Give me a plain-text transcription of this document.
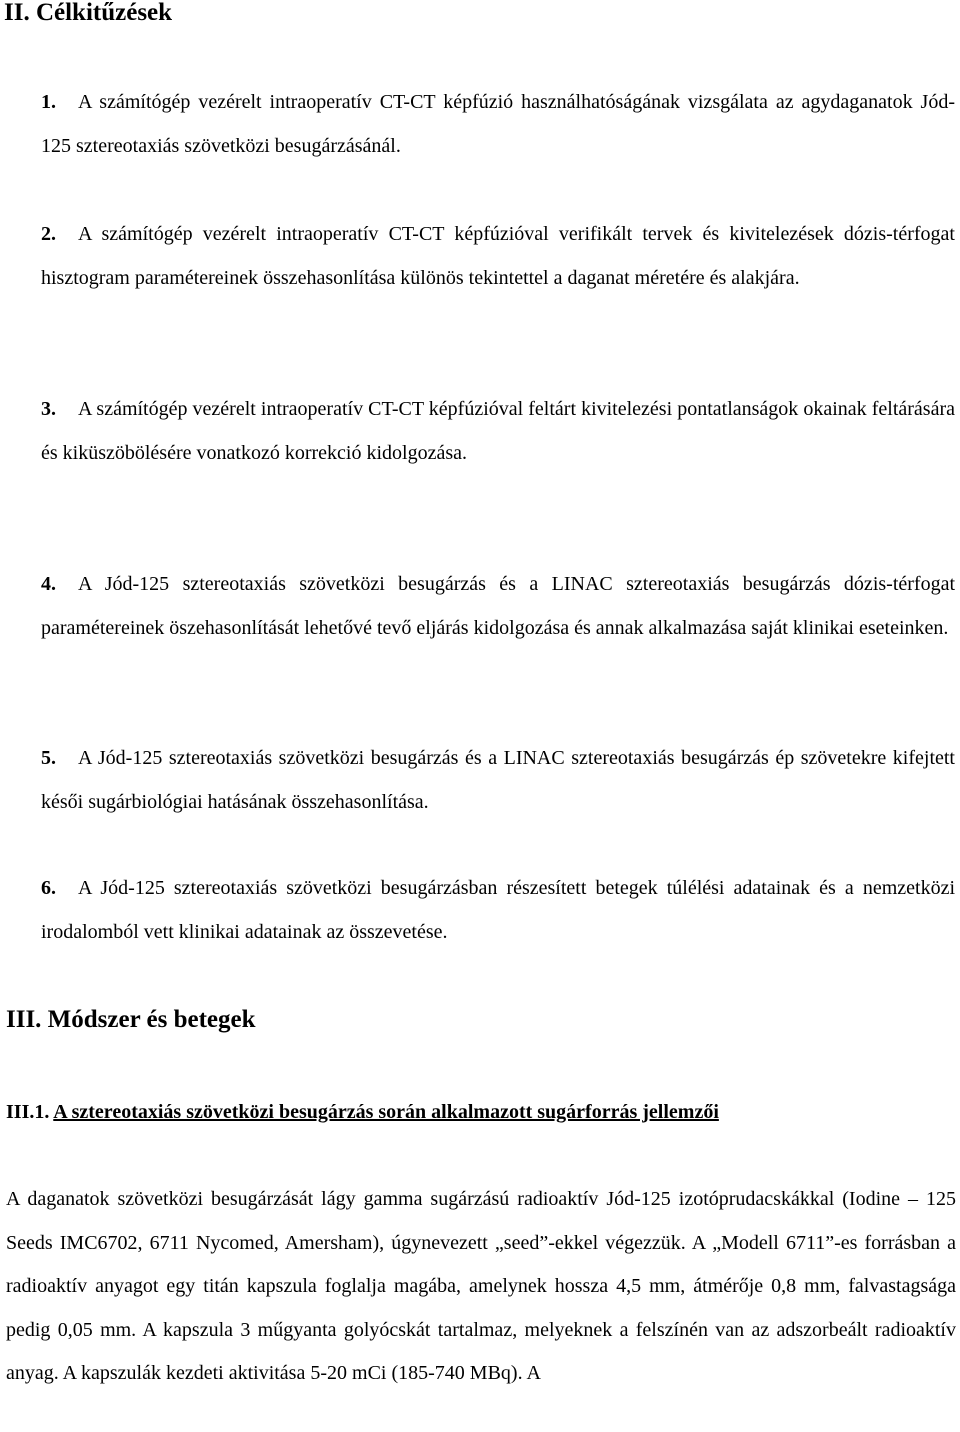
II. Célkitűzések

1. A számítógép vezérelt intraoperatív CT-CT képfúzió használhatóságának vizsgálata az agydaganatok Jód-125 sztereotaxiás szövetközi besugárzásánál.

2. A számítógép vezérelt intraoperatív CT-CT képfúzióval verifikált tervek és kivitelezések dózis-térfogat hisztogram paramétereinek összehasonlítása különös tekintettel a daganat méretére és alakjára.

3. A számítógép vezérelt intraoperatív CT-CT képfúzióval feltárt kivitelezési pontatlanságok okainak feltárására és kiküszöbölésére vonatkozó korrekció kidolgozása.

4. A Jód-125 sztereotaxiás szövetközi besugárzás és a LINAC sztereotaxiás besugárzás dózis-térfogat paramétereinek öszehasonlítását lehetővé tevő eljárás kidolgozása és annak alkalmazása saját klinikai eseteinken.

5. A Jód-125 sztereotaxiás szövetközi besugárzás és a LINAC sztereotaxiás besugárzás ép szövetekre kifejtett késői sugárbiológiai hatásának összehasonlítása.

6. A Jód-125 sztereotaxiás szövetközi besugárzásban részesített betegek túlélési adatainak és a nemzetközi irodalomból vett klinikai adatainak az összevetése.

III. Módszer és betegek

III.1. A sztereotaxiás szövetközi besugárzás során alkalmazott sugárforrás jellemzői

A daganatok szövetközi besugárzását lágy gamma sugárzású radioaktív Jód-125 izotóprudacskákkal (Iodine – 125 Seeds IMC6702, 6711 Nycomed, Amersham), úgynevezett „seed”-ekkel végezzük. A „Modell 6711”-es forrásban a radioaktív anyagot egy titán kapszula foglalja magába, amelynek hossza 4,5 mm, átmérője 0,8 mm, falvastagsága pedig 0,05 mm. A kapszula 3 műgyanta golyócskát tartalmaz, melyeknek a felszínén van az adszorbeált radioaktív anyag. A kapszulák kezdeti aktivitása 5-20 mCi (185-740 MBq). A
